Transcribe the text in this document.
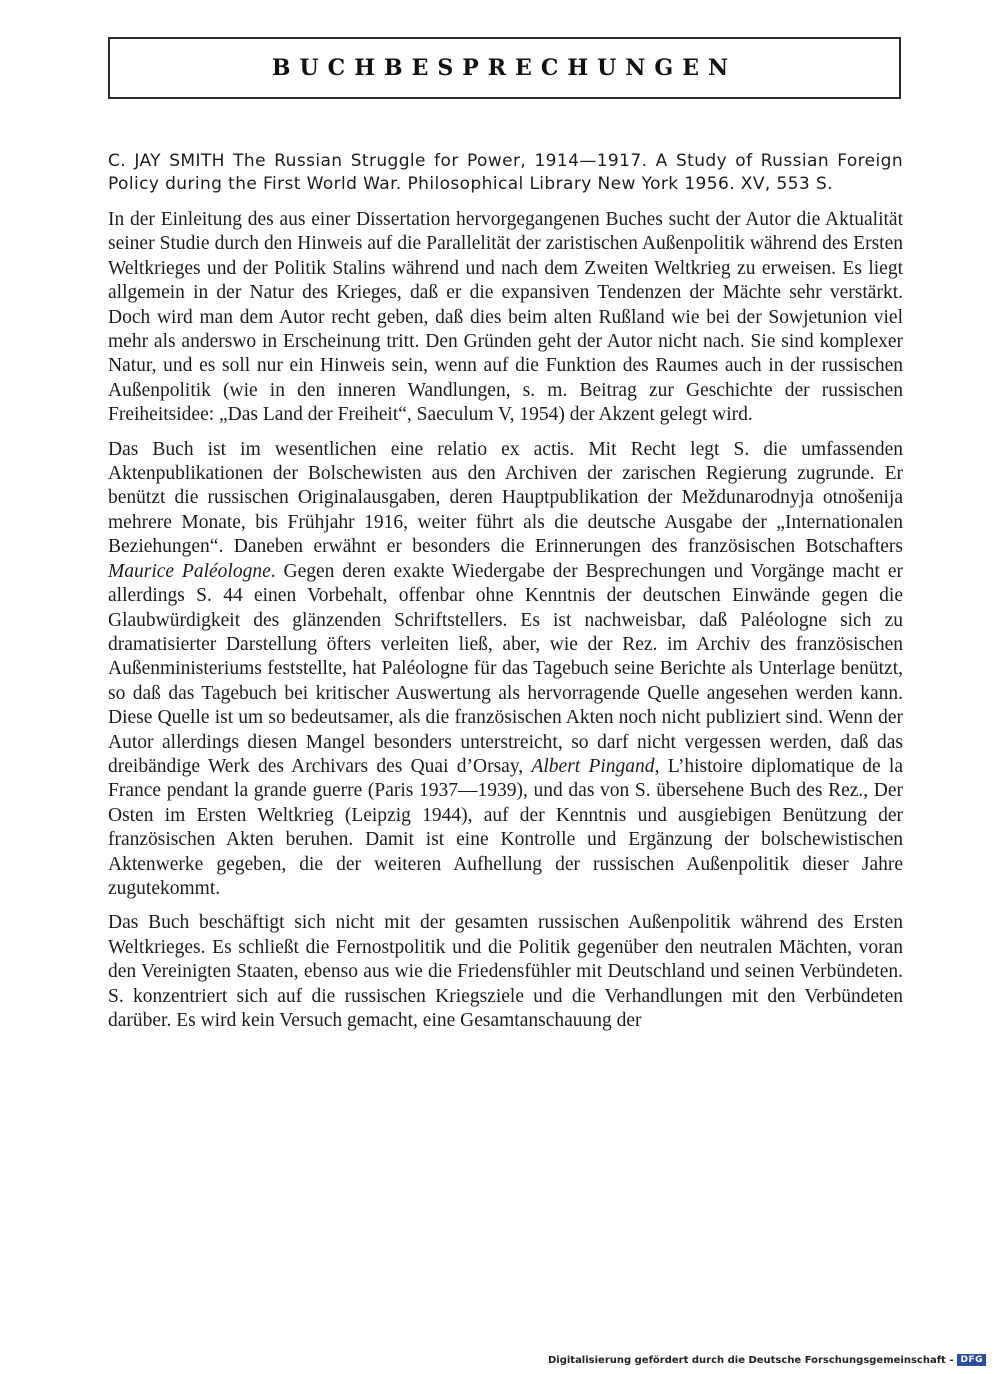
BUCHBESPRECHUNGEN

C. JAY SMITH The Russian Struggle for Power, 1914—1917. A Study of Russian Foreign Policy during the First World War. Philosophical Library New York 1956. XV, 553 S.

In der Einleitung des aus einer Dissertation hervorgegangenen Buches sucht der Autor die Aktualität seiner Studie durch den Hinweis auf die Parallelität der zaristischen Außenpolitik während des Ersten Weltkrieges und der Politik Stalins während und nach dem Zweiten Weltkrieg zu erweisen. Es liegt allgemein in der Natur des Krieges, daß er die expansiven Tendenzen der Mächte sehr verstärkt. Doch wird man dem Autor recht geben, daß dies beim alten Rußland wie bei der Sowjetunion viel mehr als anderswo in Erscheinung tritt. Den Gründen geht der Autor nicht nach. Sie sind komplexer Natur, und es soll nur ein Hinweis sein, wenn auf die Funktion des Raumes auch in der russischen Außenpolitik (wie in den inneren Wandlungen, s. m. Beitrag zur Geschichte der russischen Freiheitsidee: „Das Land der Freiheit“, Saeculum V, 1954) der Akzent gelegt wird.

Das Buch ist im wesentlichen eine relatio ex actis. Mit Recht legt S. die umfassenden Aktenpublikationen der Bolschewisten aus den Archiven der zarischen Regierung zugrunde. Er benützt die russischen Originalausgaben, deren Hauptpublikation der Meždunarodnyja otnošenija mehrere Monate, bis Frühjahr 1916, weiter führt als die deutsche Ausgabe der „Internationalen Beziehungen“. Daneben erwähnt er besonders die Erinnerungen des französischen Botschafters Maurice Paléologne. Gegen deren exakte Wiedergabe der Besprechungen und Vorgänge macht er allerdings S. 44 einen Vorbehalt, offenbar ohne Kenntnis der deutschen Einwände gegen die Glaubwürdigkeit des glänzenden Schriftstellers. Es ist nachweisbar, daß Paléologne sich zu dramatisierter Darstellung öfters verleiten ließ, aber, wie der Rez. im Archiv des französischen Außenministeriums feststellte, hat Paléologne für das Tagebuch seine Berichte als Unterlage benützt, so daß das Tagebuch bei kritischer Auswertung als hervorragende Quelle angesehen werden kann. Diese Quelle ist um so bedeutsamer, als die französischen Akten noch nicht publiziert sind. Wenn der Autor allerdings diesen Mangel besonders unterstreicht, so darf nicht vergessen werden, daß das dreibändige Werk des Archivars des Quai d’Orsay, Albert Pingand, L’histoire diplomatique de la France pendant la grande guerre (Paris 1937—1939), und das von S. übersehene Buch des Rez., Der Osten im Ersten Weltkrieg (Leipzig 1944), auf der Kenntnis und ausgiebigen Benützung der französischen Akten beruhen. Damit ist eine Kontrolle und Ergänzung der bolschewistischen Aktenwerke gegeben, die der weiteren Aufhellung der russischen Außenpolitik dieser Jahre zugutekommt.

Das Buch beschäftigt sich nicht mit der gesamten russischen Außenpolitik während des Ersten Weltkrieges. Es schließt die Fernostpolitik und die Politik gegenüber den neutralen Mächten, voran den Vereinigten Staaten, ebenso aus wie die Friedensfühler mit Deutschland und seinen Verbündeten. S. konzentriert sich auf die russischen Kriegsziele und die Verhandlungen mit den Verbündeten darüber. Es wird kein Versuch gemacht, eine Gesamtanschauung der

Digitalisierung gefördert durch die Deutsche Forschungsgemeinschaft - DFG
